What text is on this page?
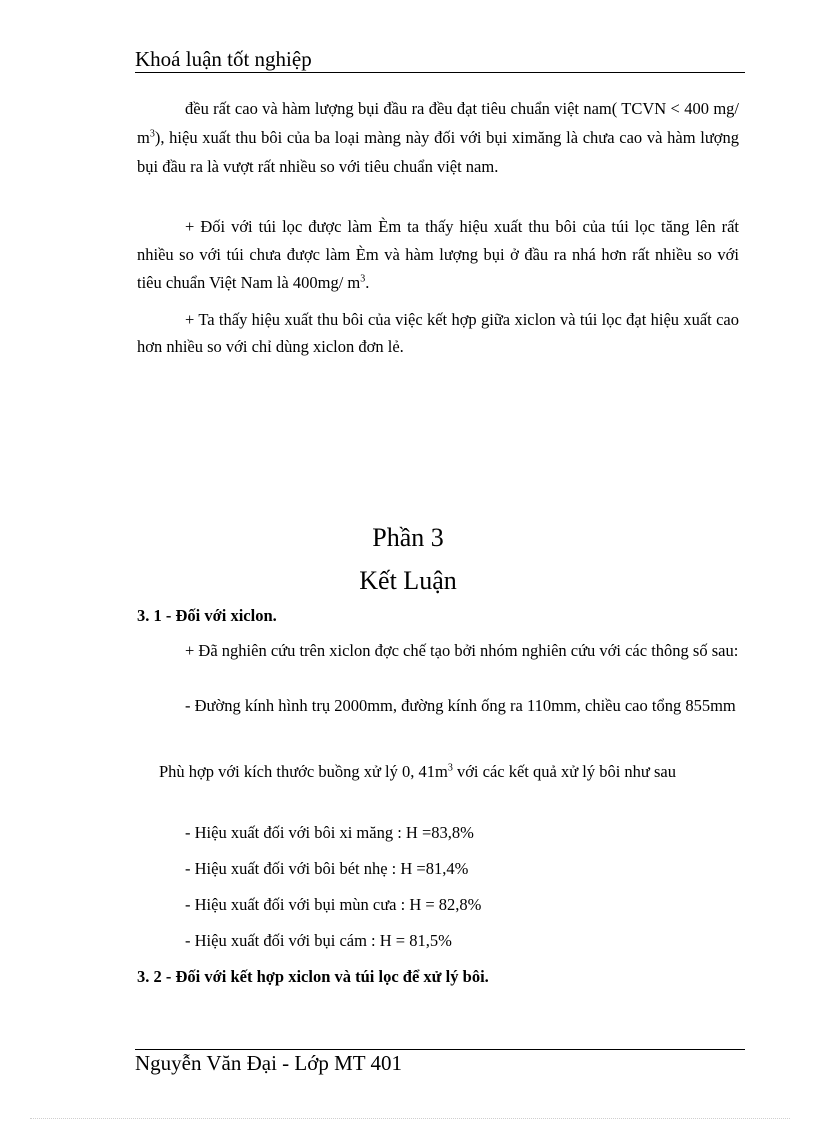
Khoá luận tốt nghiệp
đều rất cao và hàm lượng bụi đầu ra đều đạt tiêu chuẩn việt nam( TCVN < 400 mg/ $m^3$), hiệu xuất thu bôi của ba loại màng này đối với bụi ximăng là chưa cao và hàm lượng bụi đầu ra là vượt rất nhiều so với tiêu chuẩn việt nam.
+ Đối với túi lọc được làm Èm ta thấy hiệu xuất thu bôi của túi lọc tăng lên rất nhiều so với túi chưa được làm Èm và hàm lượng bụi ở đầu ra nhá hơn rất nhiều so với tiêu chuẩn Việt Nam là 400mg/ $m^3$.
+ Ta thấy hiệu xuất thu bôi của việc kết hợp giữa xiclon và túi lọc đạt hiệu xuất cao hơn nhiều so với chỉ dùng xiclon đơn lẻ.
Phần 3
Kết Luận
3. 1 - Đối với xiclon.
+ Đã nghiên cứu trên xiclon đợc chế tạo bởi nhóm nghiên cứu với các thông số sau:
- Đường kính hình trụ 2000mm, đường kính ống ra 110mm, chiều cao tổng 855mm
Phù hợp với kích thước buồng xử lý 0, $41m^3$ với các kết quả xử lý bôi như sau
- Hiệu xuất đối với bôi xi măng : H =83,8%
- Hiệu xuất đối với bôi bét nhẹ : H =81,4%
- Hiệu xuất đối với bụi mùn cưa : H = 82,8%
- Hiệu xuất đối với bụi cám : H = 81,5%
3. 2 - Đối với kết hợp xiclon và túi lọc để xử lý bôi.
Nguyễn Văn Đại - Lớp MT 401
